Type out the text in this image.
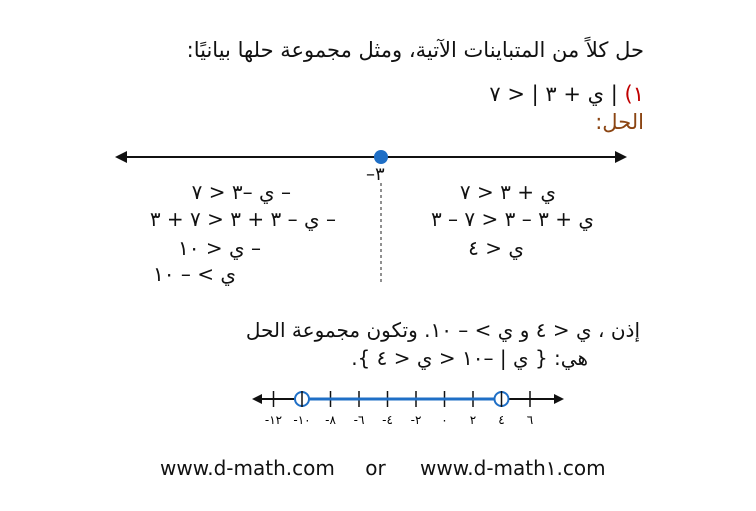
حل كلاً من المتباينات الآتية، ومثل مجموعة حلها بيانيًا:
١) | ي + ٣ | < ٧
الحل:
٦
٤
٢
٠
-٢
-٤
-٦
-٨
-١٠
-١٢
–٣
ي + ٣ < ٧
ي + ٣ – ٣ < ٧ – ٣
ي < ٤
– ي –٣ < ٧
– ي – ٣ + ٣ < ٧ + ٣
– ي < ١٠
ي > – ١٠
إذن ، ي < ٤ و ي > – ١٠. وتكون مجموعة الحل
هي: { ي | –١٠ < ي < ٤ }.
www.d-math.com or www.d-math١.com
